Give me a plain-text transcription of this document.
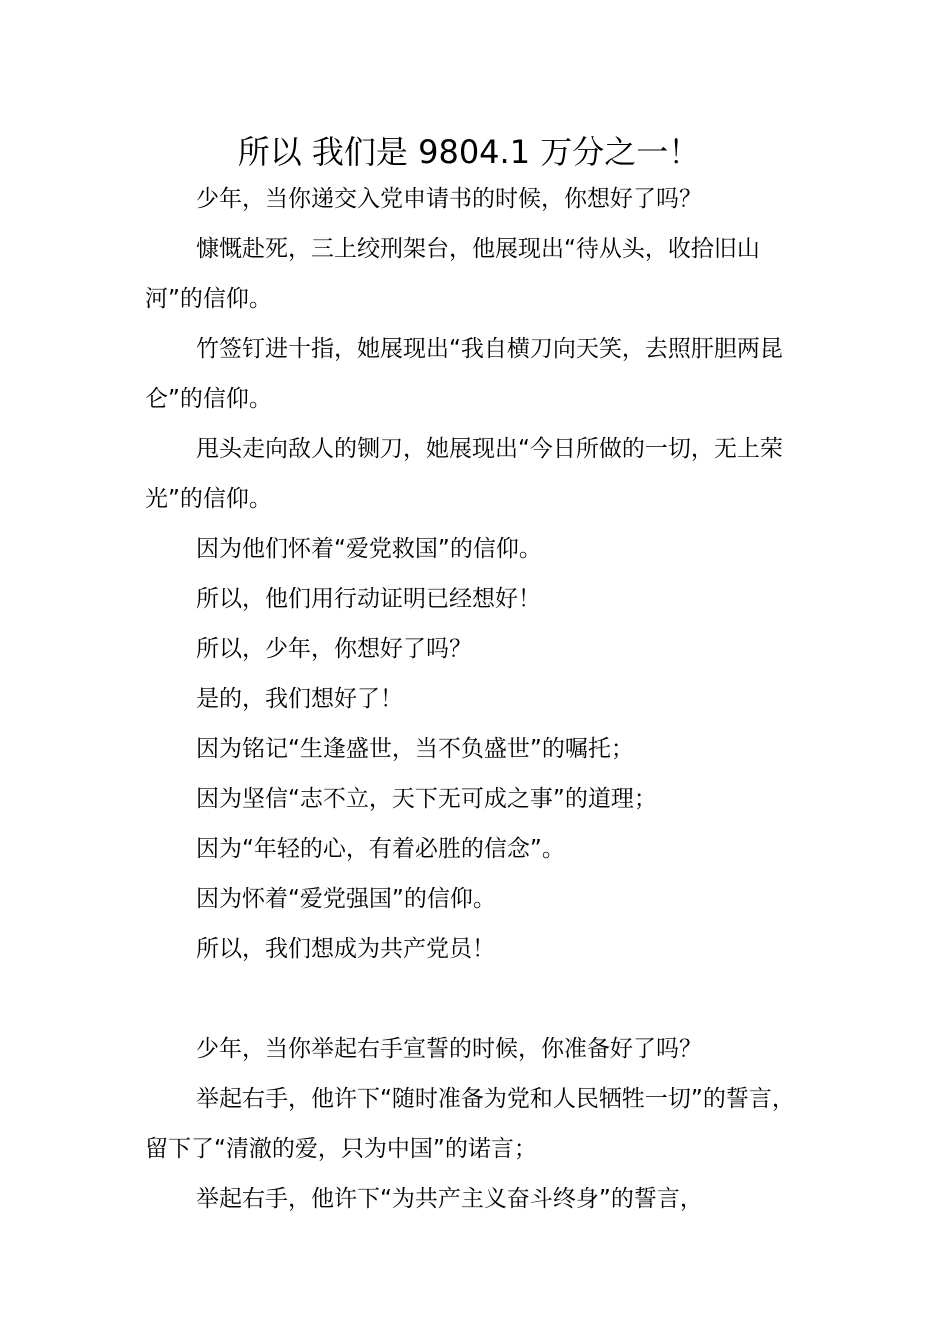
所以 我们是 9804.1 万分之一！

少年，当你递交入党申请书的时候，你想好了吗？

慷慨赴死，三上绞刑架台，他展现出“待从头，收拾旧山河”的信仰。

竹签钉进十指，她展现出“我自横刀向天笑，去照肝胆两昆仑”的信仰。

甩头走向敌人的铡刀，她展现出“今日所做的一切，无上荣光”的信仰。

因为他们怀着“爱党救国”的信仰。

所以，他们用行动证明已经想好！

所以，少年，你想好了吗？

是的，我们想好了！

因为铭记“生逢盛世，当不负盛世”的嘱托；

因为坚信“志不立，天下无可成之事”的道理；

因为“年轻的心，有着必胜的信念”。

因为怀着“爱党强国”的信仰。

所以，我们想成为共产党员！

少年，当你举起右手宣誓的时候，你准备好了吗？

举起右手，他许下“随时准备为党和人民牺牲一切”的誓言，留下了“清澈的爱，只为中国”的诺言；

举起右手，他许下“为共产主义奋斗终身”的誓言，
